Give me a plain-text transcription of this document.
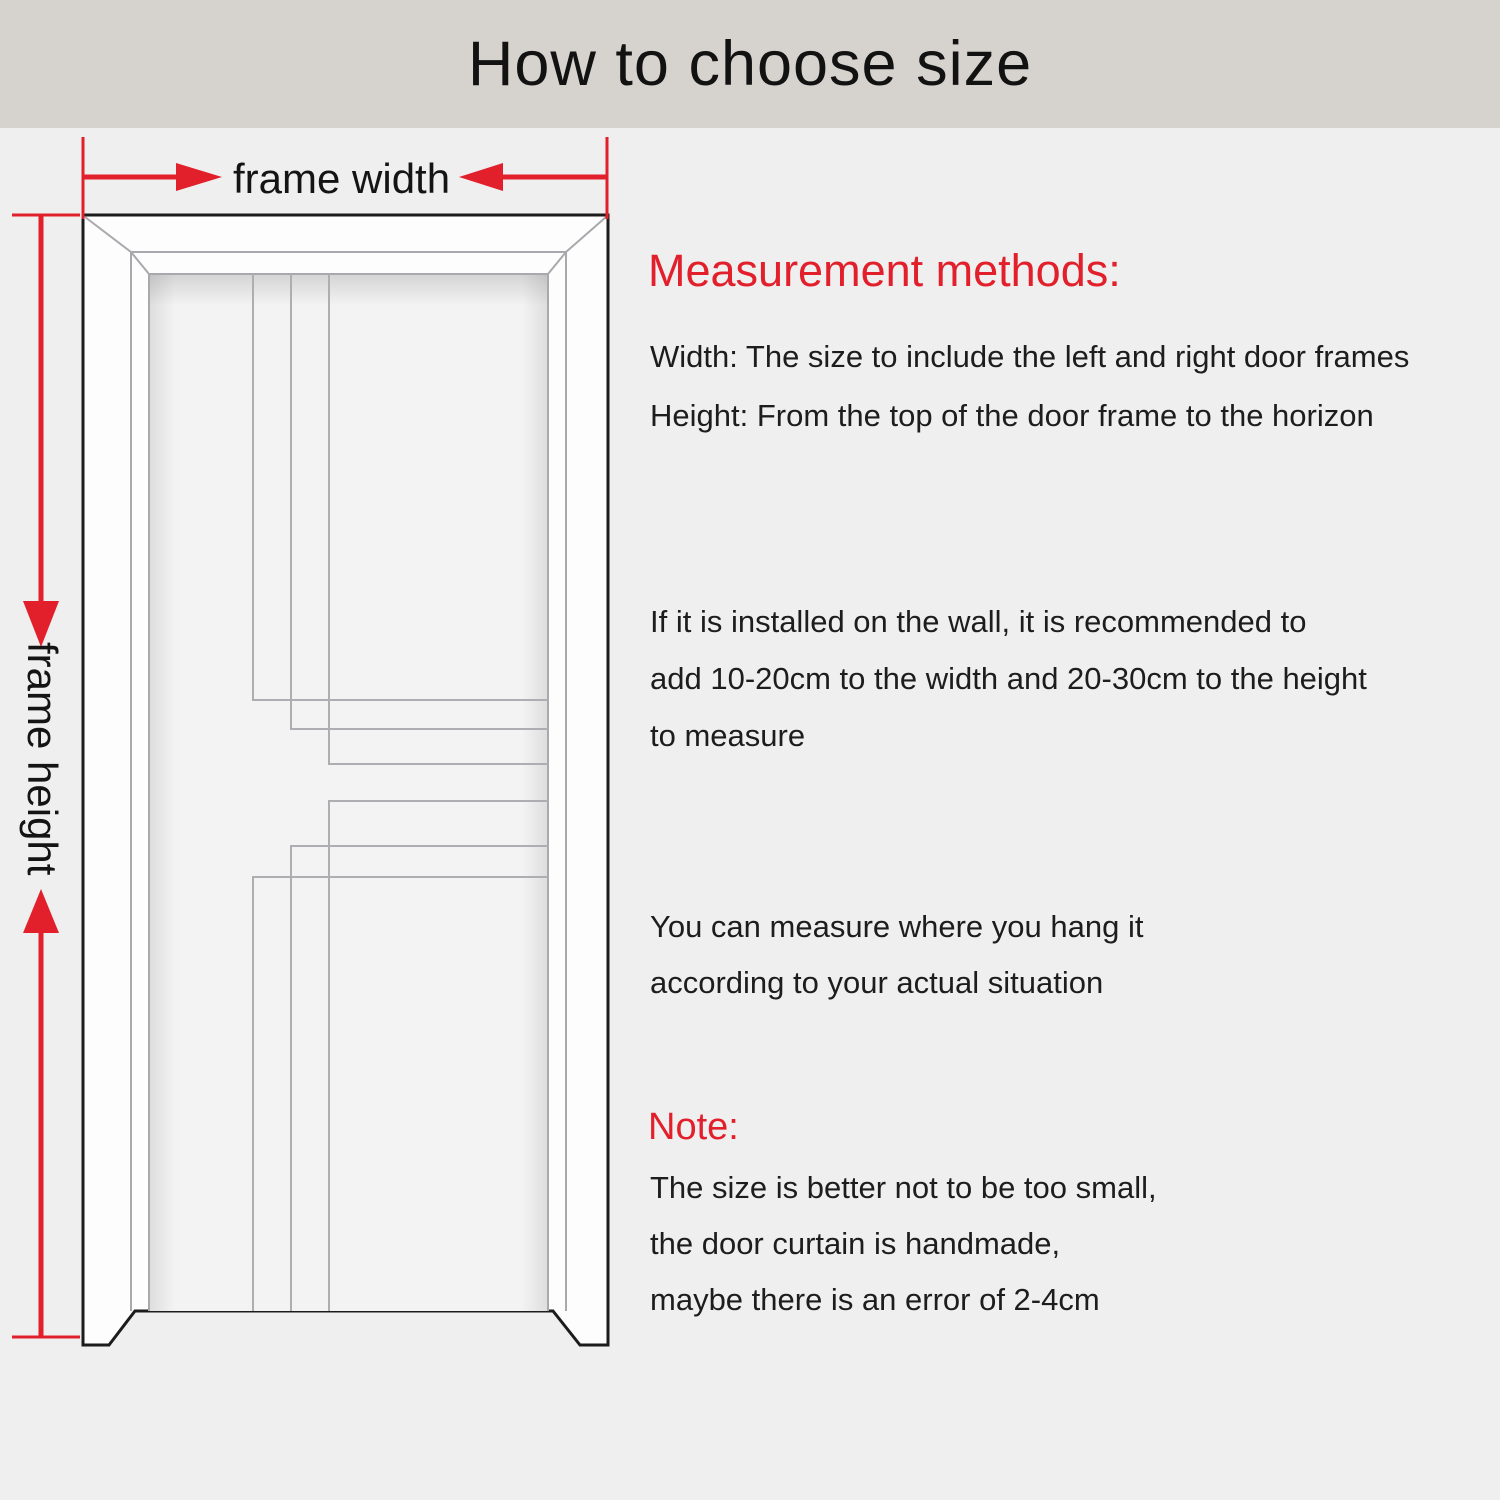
How to choose size
frame width
frame height
Measurement methods:
Width: The size to include the left and right door frames
Height: From the top of the door frame to the horizon
If it is installed on the wall, it is recommended to
add 10-20cm to the width and 20-30cm to the height
to measure
You can measure where you hang it
according to your actual situation
Note:
The size is better not to be too small,
the door curtain is handmade,
maybe there is an error of 2-4cm
